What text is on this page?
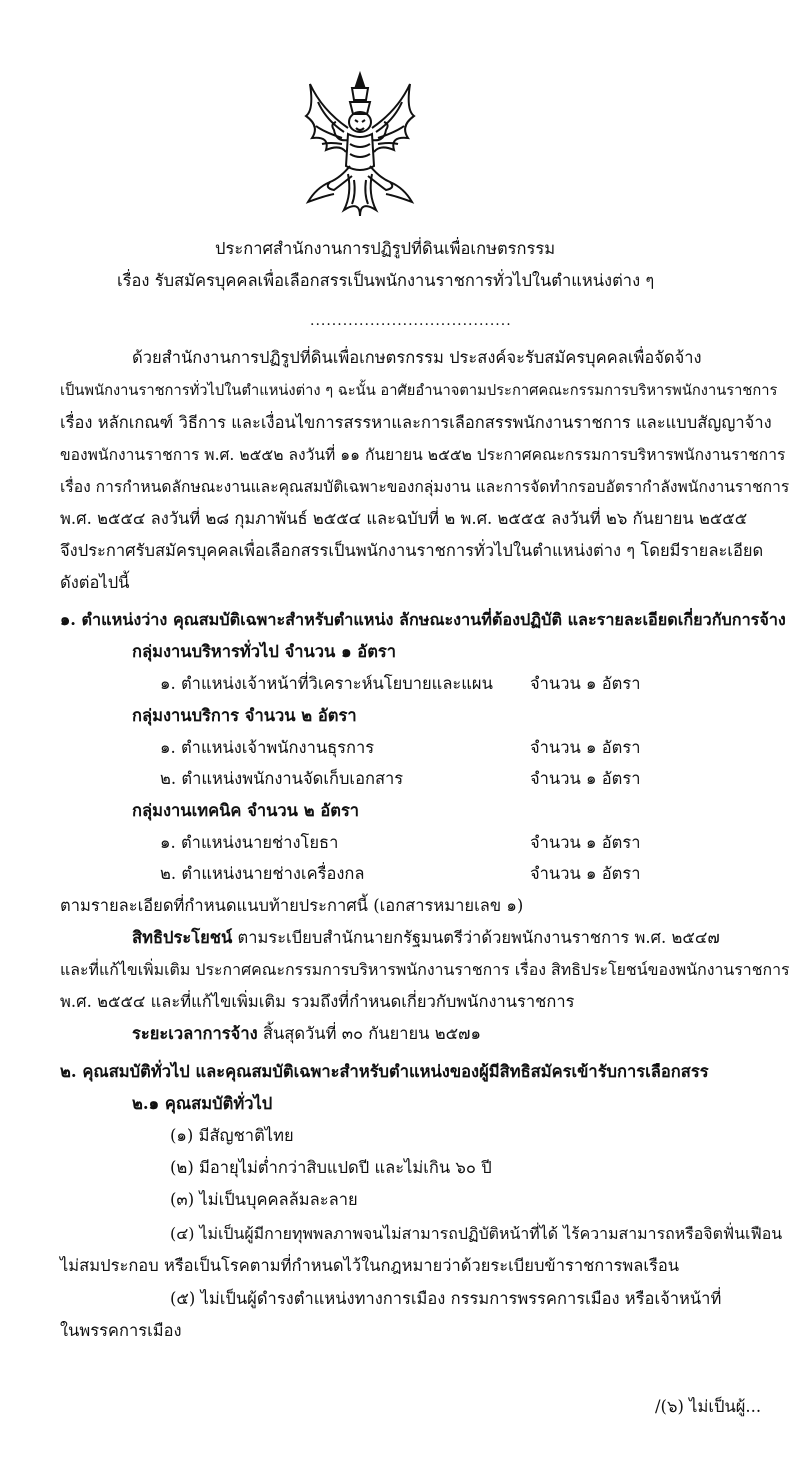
ประกาศสำนักงานการปฏิรูปที่ดินเพื่อเกษตรกรรม
เรื่อง รับสมัครบุคคลเพื่อเลือกสรรเป็นพนักงานราชการทั่วไปในตำแหน่งต่าง ๆ
.....................................
ด้วยสำนักงานการปฏิรูปที่ดินเพื่อเกษตรกรรม ประสงค์จะรับสมัครบุคคลเพื่อจัดจ้าง
เป็นพนักงานราชการทั่วไปในตำแหน่งต่าง ๆ ฉะนั้น อาศัยอำนาจตามประกาศคณะกรรมการบริหารพนักงานราชการ
เรื่อง หลักเกณฑ์ วิธีการ และเงื่อนไขการสรรหาและการเลือกสรรพนักงานราชการ และแบบสัญญาจ้าง
ของพนักงานราชการ พ.ศ. ๒๕๕๒ ลงวันที่ ๑๑ กันยายน ๒๕๕๒ ประกาศคณะกรรมการบริหารพนักงานราชการ
เรื่อง การกำหนดลักษณะงานและคุณสมบัติเฉพาะของกลุ่มงาน และการจัดทำกรอบอัตรากำลังพนักงานราชการ
พ.ศ. ๒๕๕๔ ลงวันที่ ๒๘ กุมภาพันธ์ ๒๕๕๔ และฉบับที่ ๒ พ.ศ. ๒๕๕๕ ลงวันที่ ๒๖ กันยายน ๒๕๕๕
จึงประกาศรับสมัครบุคคลเพื่อเลือกสรรเป็นพนักงานราชการทั่วไปในตำแหน่งต่าง ๆ โดยมีรายละเอียด
ดังต่อไปนี้
๑. ตำแหน่งว่าง คุณสมบัติเฉพาะสำหรับตำแหน่ง ลักษณะงานที่ต้องปฏิบัติ และรายละเอียดเกี่ยวกับการจ้าง
กลุ่มงานบริหารทั่วไป จำนวน ๑ อัตรา
๑. ตำแหน่งเจ้าหน้าที่วิเคราะห์นโยบายและแผน จำนวน ๑ อัตรา
กลุ่มงานบริการ จำนวน ๒ อัตรา
๑. ตำแหน่งเจ้าพนักงานธุรการ	จำนวน ๑ อัตรา
๒. ตำแหน่งพนักงานจัดเก็บเอกสาร	จำนวน ๑ อัตรา
กลุ่มงานเทคนิค จำนวน ๒ อัตรา
๑. ตำแหน่งนายช่างโยธา	จำนวน ๑ อัตรา
๒. ตำแหน่งนายช่างเครื่องกล	จำนวน ๑ อัตรา
ตามรายละเอียดที่กำหนดแนบท้ายประกาศนี้ (เอกสารหมายเลข ๑)
สิทธิประโยชน์ ตามระเบียบสำนักนายกรัฐมนตรีว่าด้วยพนักงานราชการ พ.ศ. ๒๕๔๗
และที่แก้ไขเพิ่มเติม ประกาศคณะกรรมการบริหารพนักงานราชการ เรื่อง สิทธิประโยชน์ของพนักงานราชการ
พ.ศ. ๒๕๕๔ และที่แก้ไขเพิ่มเติม รวมถึงที่กำหนดเกี่ยวกับพนักงานราชการ
ระยะเวลาการจ้าง สิ้นสุดวันที่ ๓๐ กันยายน ๒๕๗๑
๒. คุณสมบัติทั่วไป และคุณสมบัติเฉพาะสำหรับตำแหน่งของผู้มีสิทธิสมัครเข้ารับการเลือกสรร
๒.๑ คุณสมบัติทั่วไป
(๑) มีสัญชาติไทย
(๒) มีอายุไม่ต่ำกว่าสิบแปดปี และไม่เกิน ๖๐ ปี
(๓) ไม่เป็นบุคคลล้มละลาย
(๔) ไม่เป็นผู้มีกายทุพพลภาพจนไม่สามารถปฏิบัติหน้าที่ได้ ไร้ความสามารถหรือจิตฟั่นเฟือน
ไม่สมประกอบ หรือเป็นโรคตามที่กำหนดไว้ในกฎหมายว่าด้วยระเบียบข้าราชการพลเรือน
(๕) ไม่เป็นผู้ดำรงตำแหน่งทางการเมือง กรรมการพรรคการเมือง หรือเจ้าหน้าที่
ในพรรคการเมือง
/(๖) ไม่เป็นผู้...
